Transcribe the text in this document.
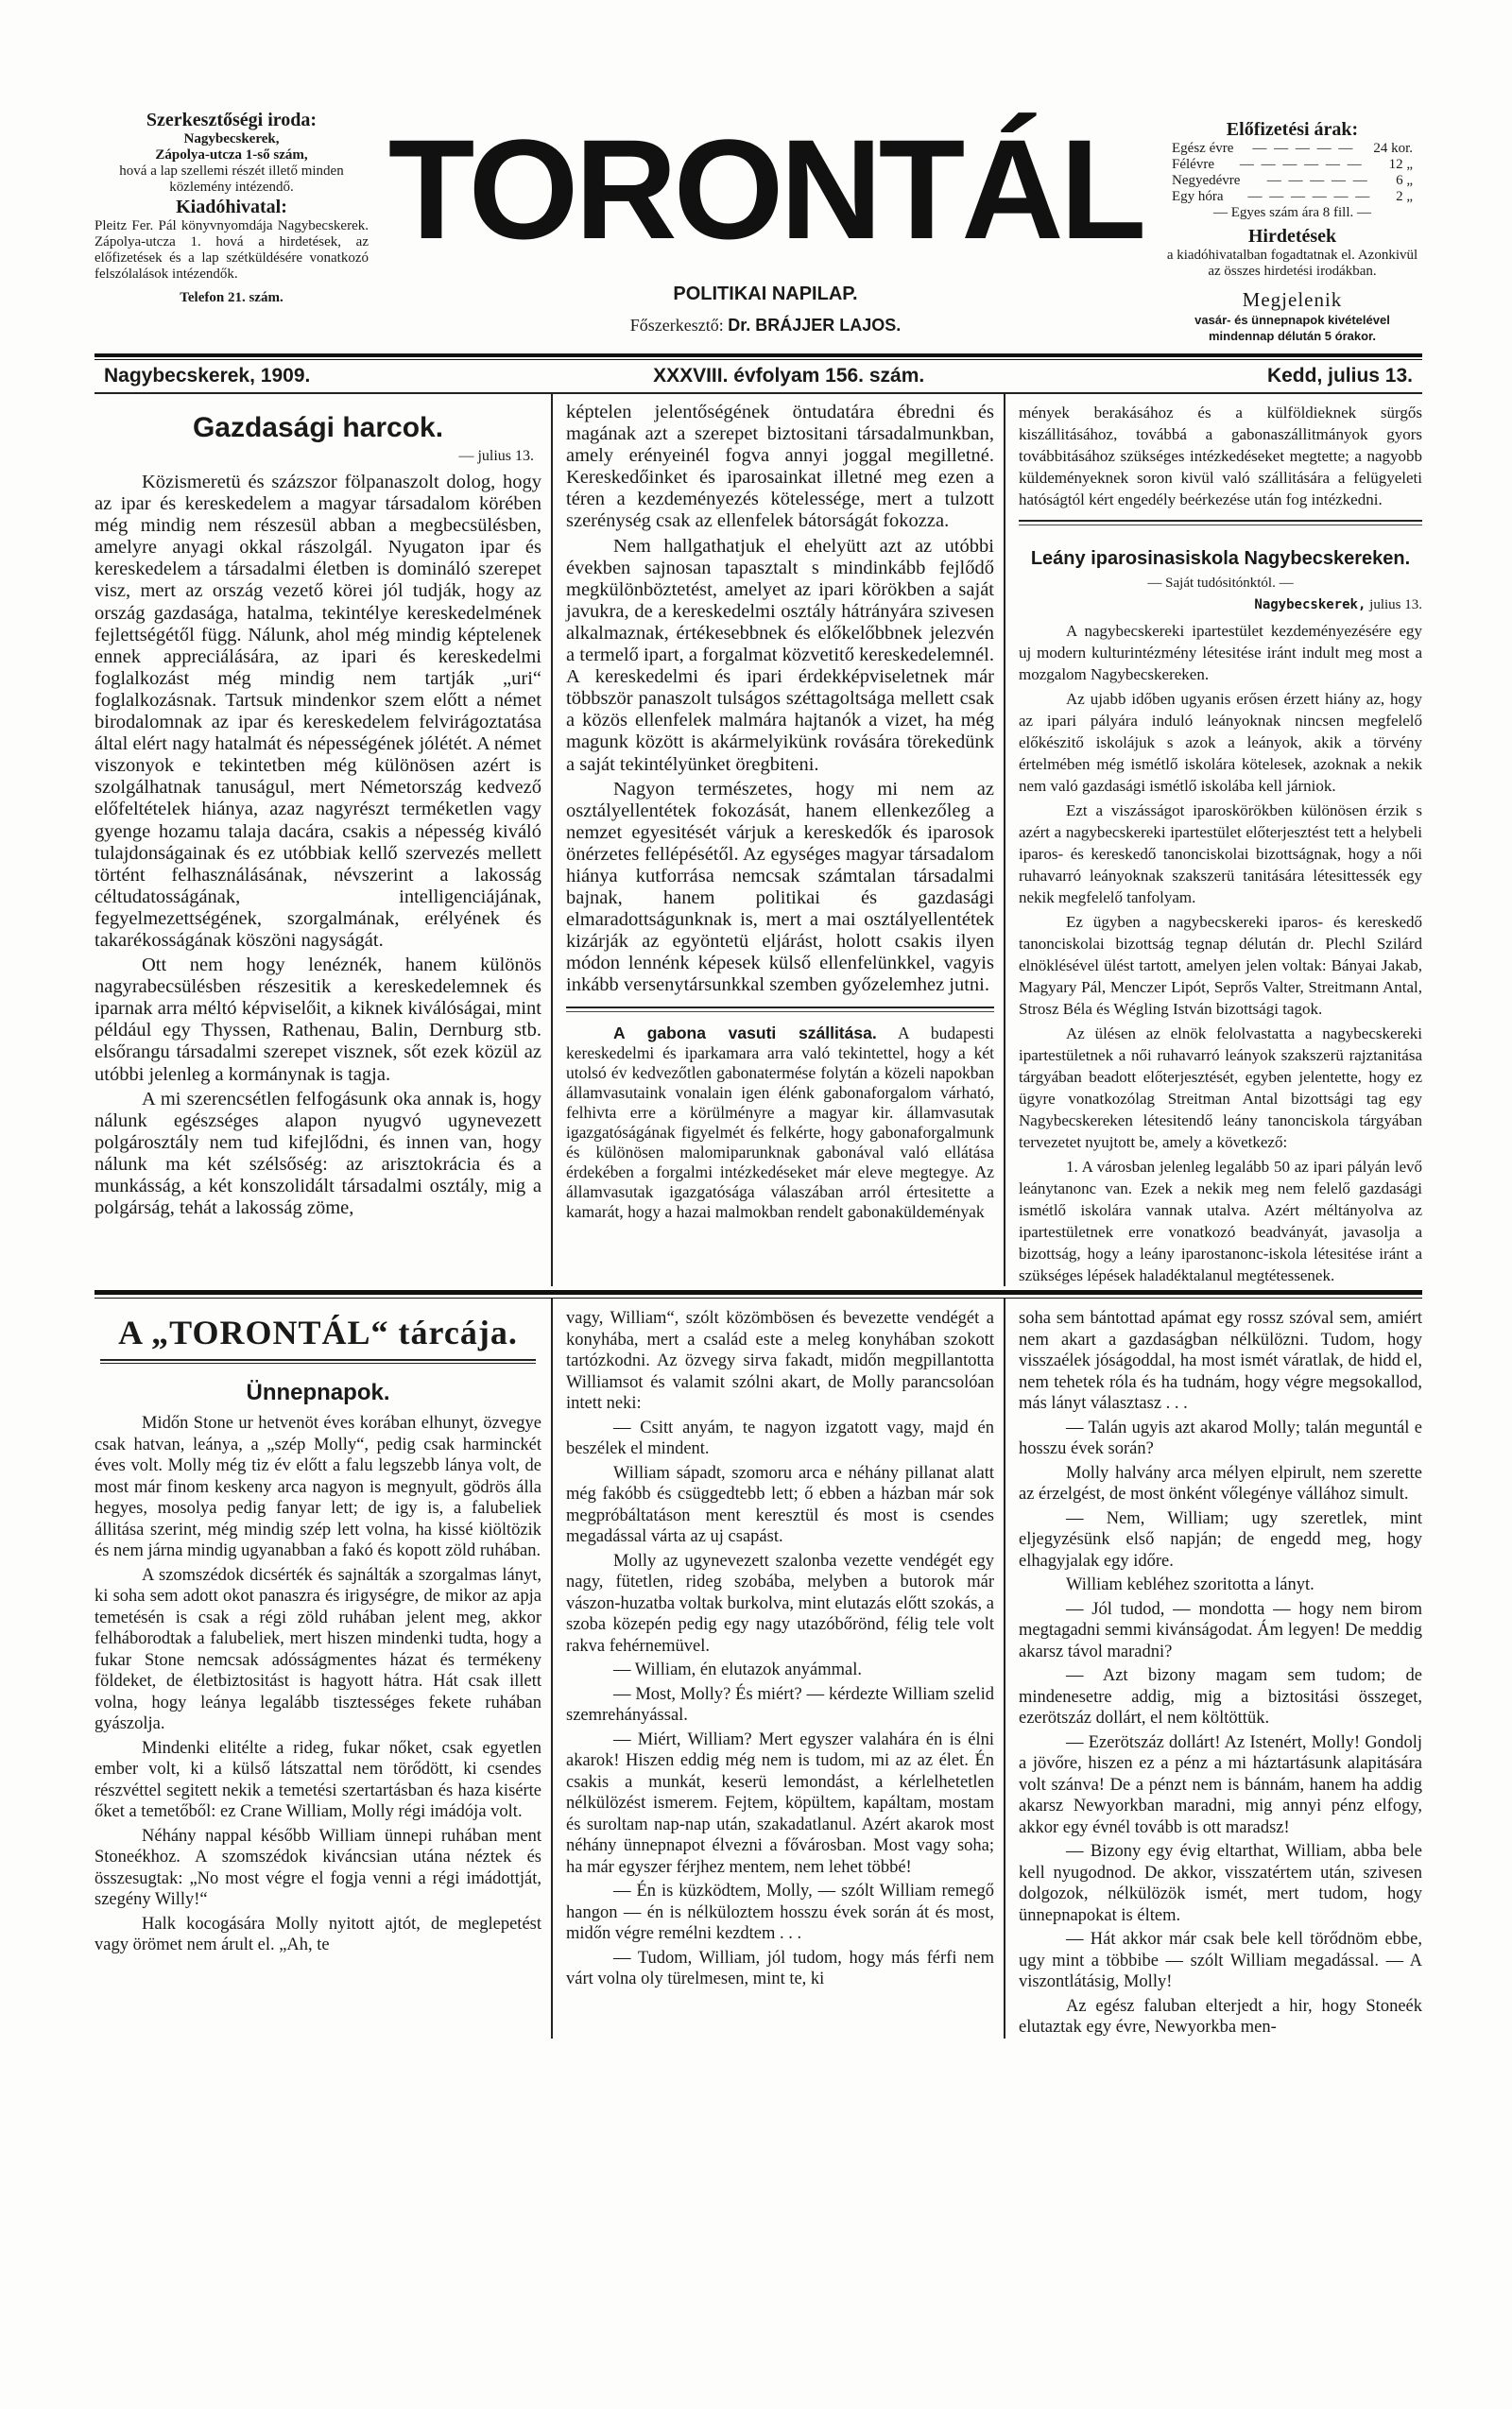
Szerkesztőségi iroda:
Nagybecskerek,
Zápolya-utcza 1-ső szám,
hová a lap szellemi részét illető minden közlemény intézendő.
Kiadóhivatal:
Pleitz Fer. Pál könyvnyomdája Nagybecskerek. Zápolya-utcza 1. hová a hirdetések, az előfizetések és a lap szétküldésére vonatkozó felszólalások intézendők.
Telefon 21. szám.
TORONTÁL
POLITIKAI NAPILAP.
Főszerkesztő: Dr. BRÁJJER LAJOS.
Előfizetési árak:
Egész évre	— — — — —	24 kor.
Félévre	— — — — — —	12 „
Negyedévre	— — — — —	6 „
Egy hóra	— — — — — —	2 „
— Egyes szám ára 8 fill. —
Hirdetések
a kiadóhivatalban fogadtatnak el. Azonkivül az összes hirdetési irodákban.
Megjelenik
vasár- és ünnepnapok kivételével mindennap délután 5 órakor.
Nagybecskerek, 1909.	XXXVIII. évfolyam 156. szám.	Kedd, julius 13.
Gazdasági harcok.
— julius 13.

Közismeretü és százszor fölpanaszolt dolog, hogy az ipar és kereskedelem a magyar társadalom körében még mindig nem részesül abban a megbecsülésben, amelyre anyagi okkal rászolgál. Nyugaton ipar és kereskedelem a társadalmi életben is domináló szerepet visz, mert az ország vezető körei jól tudják, hogy az ország gazdasága, hatalma, tekintélye kereskedelmének fejlettségétől függ. Nálunk, ahol még mindig képtelenek ennek appreciálására, az ipari és kereskedelmi foglalkozást még mindig nem tartják „uri“ foglalkozásnak. Tartsuk mindenkor szem előtt a német birodalomnak az ipar és kereskedelem felvirágoztatása által elért nagy hatalmát és népességének jólétét. A német viszonyok e tekintetben még különösen azért is szolgálhatnak tanuságul, mert Németország kedvező előfeltételek hiánya, azaz nagyrészt terméketlen vagy gyenge hozamu talaja dacára, csakis a népesség kiváló tulajdonságainak és ez utóbbiak kellő szervezés mellett történt felhasználásának, névszerint a lakosság céltudatosságának, intelligenciájának, fegyelmezettségének, szorgalmának, erélyének és takarékosságának köszöni nagyságát.

Ott nem hogy lenéznék, hanem különös nagyrabecsülésben részesitik a kereskedelemnek és iparnak arra méltó képviselőit, a kiknek kiválóságai, mint például egy Thyssen, Rathenau, Balin, Dernburg stb. elsőrangu társadalmi szerepet visznek, sőt ezek közül az utóbbi jelenleg a kormánynak is tagja.

A mi szerencsétlen felfogásunk oka annak is, hogy nálunk egészséges alapon nyugvó ugynevezett polgárosztály nem tud kifejlődni, és innen van, hogy nálunk ma két szélsőség: az arisztokrácia és a munkásság, a két konszolidált társadalmi osztály, mig a polgárság, tehát a lakosság zöme,

képtelen jelentőségének öntudatára ébredni és magának azt a szerepet biztositani társadalmunkban, amely erényeinél fogva annyi joggal megilletné. Kereskedőinket és iparosainkat illetné meg ezen a téren a kezdeményezés kötelessége, mert a tulzott szerénység csak az ellenfelek bátorságát fokozza.

Nem hallgathatjuk el ehelyütt azt az utóbbi években sajnosan tapasztalt s mindinkább fejlődő megkülönböztetést, amelyet az ipari körökben a saját javukra, de a kereskedelmi osztály hátrányára szivesen alkalmaznak, értékesebbnek és előkelőbbnek jelezvén a termelő ipart, a forgalmat közvetitő kereskedelemnél. A kereskedelmi és ipari érdekképviseletnek már többször panaszolt tulságos széttagoltsága mellett csak a közös ellenfelek malmára hajtanók a vizet, ha még magunk között is akármelyikünk rovására törekedünk a saját tekintélyünket öregbiteni.

Nagyon természetes, hogy mi nem az osztályellentétek fokozását, hanem ellenkezőleg a nemzet egyesitését várjuk a kereskedők és iparosok önérzetes fellépésétől. Az egységes magyar társadalom hiánya kutforrása nemcsak számtalan társadalmi bajnak, hanem politikai és gazdasági elmaradottságunknak is, mert a mai osztályellentétek kizárják az egyöntetü eljárást, holott csakis ilyen módon lennénk képesek külső ellenfelünkkel, vagyis inkább versenytársunkkal szemben győzelemhez jutni.

A gabona vasuti szállitása. A budapesti kereskedelmi és iparkamara arra való tekintettel, hogy a két utolsó év kedvezőtlen gabonatermése folytán a közeli napokban államvasutaink vonalain igen élénk gabonaforgalom várható, felhivta erre a körülményre a magyar kir. államvasutak igazgatóságának figyelmét és felkérte, hogy gabonaforgalmunk és különösen malomiparunknak gabonával való ellátása érdekében a forgalmi intézkedéseket már eleve megtegye. Az államvasutak igazgatósága válaszában arról értesitette a kamarát, hogy a hazai malmokban rendelt gabonaküldeményak

mények berakásához és a külföldieknek sürgős kiszállitásához, továbbá a gabonaszállitmányok gyors továbbitásához szükséges intézkedéseket megtette; a nagyobb küldeményeknek soron kivül való szállitására a felügyeleti hatóságtól kért engedély beérkezése után fog intézkedni.

Leány iparosinasiskola Nagybecskereken.
— Saját tudósitónktól. —
Nagybecskerek, julius 13.

A nagybecskereki ipartestület kezdeményezésére egy uj modern kulturintézmény létesitése iránt indult meg most a mozgalom Nagybecskereken.

Az ujabb időben ugyanis erősen érzett hiány az, hogy az ipari pályára induló leányoknak nincsen megfelelő előkészitő iskolájuk s azok a leányok, akik a törvény értelmében még ismétlő iskolára kötelesek, azoknak a nekik nem való gazdasági ismétlő iskolába kell járniok.

Ezt a viszásságot iparoskörökben különösen érzik s azért a nagybecskereki ipartestület előterjesztést tett a helybeli iparos- és kereskedő tanonciskolai bizottságnak, hogy a női ruhavarró leányoknak szakszerü tanitására létesittessék egy nekik megfelelő tanfolyam.

Ez ügyben a nagybecskereki iparos- és kereskedő tanonciskolai bizottság tegnap délután dr. Plechl Szilárd elnöklésével ülést tartott, amelyen jelen voltak: Bányai Jakab, Magyary Pál, Menczer Lipót, Seprős Valter, Streitmann Antal, Strosz Béla és Wégling István bizottsági tagok.

Az ülésen az elnök felolvastatta a nagybecskereki ipartestületnek a női ruhavarró leányok szakszerü rajztanitása tárgyában beadott előterjesztését, egyben jelentette, hogy ez ügyre vonatkozólag Streitman Antal bizottsági tag egy Nagybecskereken létesitendő leány tanonciskola tárgyában tervezetet nyujtott be, amely a következő:

1. A városban jelenleg legalább 50 az ipari pályán levő leánytanonc van. Ezek a nekik meg nem felelő gazdasági ismétlő iskolára vannak utalva. Azért méltányolva az ipartestületnek erre vonatkozó beadványát, javasolja a bizottság, hogy a leány iparostanonc-iskola létesitése iránt a szükséges lépések haladéktalanul megtétessenek.

A „TORONTÁL“ tárcája.
Ünnepnapok.

Midőn Stone ur hetvenöt éves korában elhunyt, özvegye csak hatvan, leánya, a „szép Molly“, pedig csak harminckét éves volt. Molly még tiz év előtt a falu legszebb lánya volt, de most már finom keskeny arca nagyon is megnyult, gödrös álla hegyes, mosolya pedig fanyar lett; de igy is, a falubeliek állitása szerint, még mindig szép lett volna, ha kissé kiöltözik és nem járna mindig ugyanabban a fakó és kopott zöld ruhában.

A szomszédok dicsérték és sajnálták a szorgalmas lányt, ki soha sem adott okot panaszra és irigységre, de mikor az apja temetésén is csak a régi zöld ruhában jelent meg, akkor felháborodtak a falubeliek, mert hiszen mindenki tudta, hogy a fukar Stone nemcsak adósságmentes házat és termékeny földeket, de életbiztositást is hagyott hátra. Hát csak illett volna, hogy leánya legalább tisztességes fekete ruhában gyászolja.

Mindenki elitélte a rideg, fukar nőket, csak egyetlen ember volt, ki a külső látszattal nem törődött, ki csendes részvéttel segitett nekik a temetési szertartásban és haza kisérte őket a temetőből: ez Crane William, Molly régi imádója volt.

Néhány nappal később William ünnepi ruhában ment Stoneékhoz. A szomszédok kiváncsian utána néztek és összesugtak: „No most végre el fogja venni a régi imádottját, szegény Willy!“

Halk kocogására Molly nyitott ajtót, de meglepetést vagy örömet nem árult el. „Ah, te

vagy, William“, szólt közömbösen és bevezette vendégét a konyhába, mert a család este a meleg konyhában szokott tartózkodni. Az özvegy sirva fakadt, midőn megpillantotta Williamsot és valamit szólni akart, de Molly parancsolóan intett neki:

— Csitt anyám, te nagyon izgatott vagy, majd én beszélek el mindent.

William sápadt, szomoru arca e néhány pillanat alatt még fakóbb és csüggedtebb lett; ő ebben a házban már sok megpróbáltatáson ment keresztül és most is csendes megadással várta az uj csapást.

Molly az ugynevezett szalonba vezette vendégét egy nagy, fütetlen, rideg szobába, melyben a butorok már vászon-huzatba voltak burkolva, mint elutazás előtt szokás, a szoba közepén pedig egy nagy utazóbőrönd, félig tele volt rakva fehérnemüvel.

— William, én elutazok anyámmal.

— Most, Molly? És miért? — kérdezte William szelid szemrehányással.

— Miért, William? Mert egyszer valahára én is élni akarok! Hiszen eddig még nem is tudom, mi az az élet. Én csakis a munkát, keserü lemondást, a kérlelhetetlen nélkülözést ismerem. Fejtem, köpültem, kapáltam, mostam és suroltam nap-nap után, szakadatlanul. Azért akarok most néhány ünnepnapot élvezni a fővárosban. Most vagy soha; ha már egyszer férjhez mentem, nem lehet többé!

— Én is küzködtem, Molly, — szólt William remegő hangon — én is nélküloztem hosszu évek során át és most, midőn végre remélni kezdtem . . .

— Tudom, William, jól tudom, hogy más férfi nem várt volna oly türelmesen, mint te, ki

soha sem bántottad apámat egy rossz szóval sem, amiért nem akart a gazdaságban nélkülözni. Tudom, hogy visszaélek jóságoddal, ha most ismét váratlak, de hidd el, nem tehetek róla és ha tudnám, hogy végre megsokallod, más lányt választasz . . .

— Talán ugyis azt akarod Molly; talán meguntál e hosszu évek során?

Molly halvány arca mélyen elpirult, nem szerette az érzelgést, de most önként vőlegénye vállához simult.

— Nem, William; ugy szeretlek, mint eljegyzésünk első napján; de engedd meg, hogy elhagyjalak egy időre.

William kebléhez szoritotta a lányt.

— Jól tudod, — mondotta — hogy nem birom megtagadni semmi kivánságodat. Ám legyen! De meddig akarsz távol maradni?

— Azt bizony magam sem tudom; de mindenesetre addig, mig a biztositási összeget, ezerötszáz dollárt, el nem költöttük.

— Ezerötszáz dollárt! Az Istenért, Molly! Gondolj a jövőre, hiszen ez a pénz a mi háztartásunk alapitására volt szánva! De a pénzt nem is bánnám, hanem ha addig akarsz Newyorkban maradni, mig annyi pénz elfogy, akkor egy évnél tovább is ott maradsz!

— Bizony egy évig eltarthat, William, abba bele kell nyugodnod. De akkor, visszatértem után, szivesen dolgozok, nélkülözök ismét, mert tudom, hogy ünnepnapokat is éltem.

— Hát akkor már csak bele kell törődnöm ebbe, ugy mint a többibe — szólt William megadással. — A viszontlátásig, Molly!

Az egész faluban elterjedt a hir, hogy Stoneék elutaztak egy évre, Newyorkba men-
